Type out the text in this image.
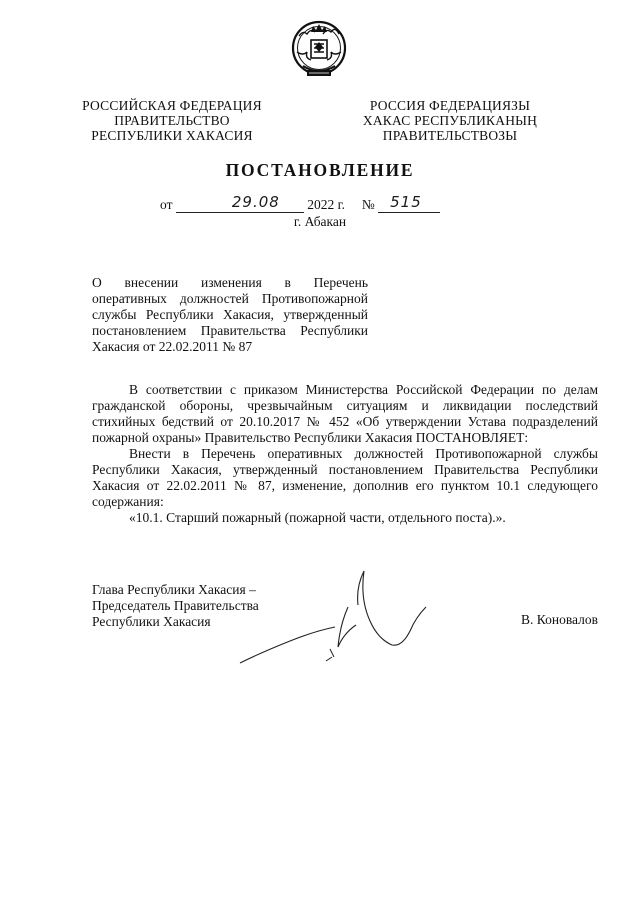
РОССИЙСКАЯ ФЕДЕРАЦИЯ
ПРАВИТЕЛЬСТВО
РЕСПУБЛИКИ ХАКАСИЯ
РОССИЯ ФЕДЕРАЦИЯЗЫ
ХАКАС РЕСПУБЛИКАНЫҢ
ПРАВИТЕЛЬСТВОЗЫ
ПОСТАНОВЛЕНИЕ
от	29.08 2022 г. № 515
г. Абакан
О внесении изменения в Перечень оперативных должностей Противопожарной службы Республики Хакасия, утвержденный постановлением Правительства Республики Хакасия от 22.02.2011 № 87

В соответствии с приказом Министерства Российской Федерации по делам гражданской обороны, чрезвычайным ситуациям и ликвидации последствий стихийных бедствий от 20.10.2017 № 452 «Об утверждении Устава подразделений пожарной охраны» Правительство Республики Хакасия ПОСТАНОВЛЯЕТ:

Внести в Перечень оперативных должностей Противопожарной службы Республики Хакасия, утвержденный постановлением Правительства Республики Хакасия от 22.02.2011 № 87, изменение, дополнив его пунктом 10.1 следующего содержания:

«10.1. Старший пожарный (пожарной части, отдельного поста).».

Глава Республики Хакасия –
Председатель Правительства
Республики Хакасия	В. Коновалов
